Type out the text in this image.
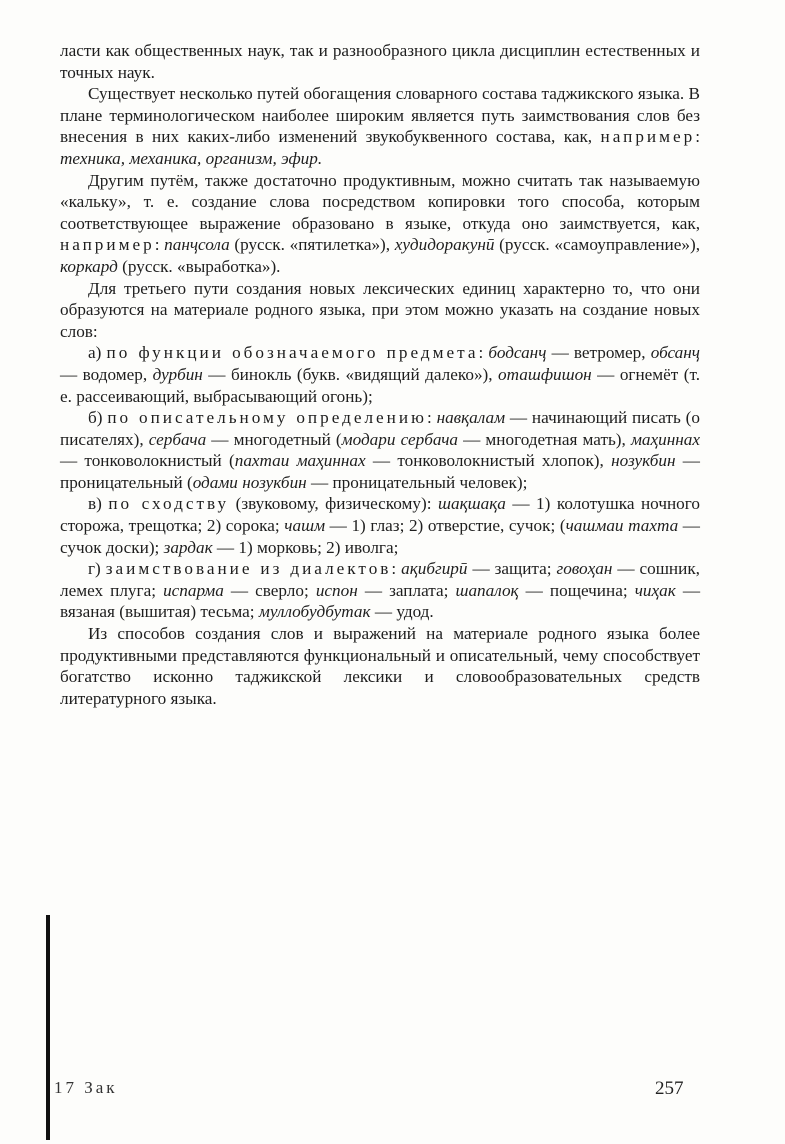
ласти как общественных наук, так и разнообразного цикла дисциплин естественных и точных наук.

Существует несколько путей обогащения словарного состава таджикского языка. В плане терминологическом наиболее широким является путь заимствования слов без внесения в них каких-либо изменений звукобуквенного состава, как, например: техника, механика, организм, эфир.

Другим путём, также достаточно продуктивным, можно считать так называемую «кальку», т. е. создание слова посредством копировки того способа, которым соответствующее выражение образовано в языке, откуда оно заимствуется, как, например: панҷсола (русск. «пятилетка»), худидоракунӣ (русск. «самоуправление»), коркард (русск. «выработка»).

Для третьего пути создания новых лексических единиц характерно то, что они образуются на материале родного языка, при этом можно указать на создание новых слов:

а) по функции обозначаемого предмета: бодсанҷ — ветромер, обсанҷ — водомер, дурбин — бинокль (букв. «видящий далеко»), оташфишон — огнемёт (т. е. рассеивающий, выбрасывающий огонь);

б) по описательному определению: навқалам — начинающий писать (о писателях), сербача — многодетный (модари сербача — многодетная мать), маҳиннах — тонковолокнистый (пахтаи маҳиннах — тонковолокнистый хлопок), нозукбин — проницательный (одами нозукбин — проницательный человек);

в) по сходству (звуковому, физическому): шақшақа — 1) колотушка ночного сторожа, трещотка; 2) сорока; чашм — 1) глаз; 2) отверстие, сучок; (чашмаи тахта — сучок доски); зардак — 1) морковь; 2) иволга;

г) заимствование из диалектов: ақибгирӣ — защита; говоҳан — сошник, лемех плуга; испарма — сверло; испон — заплата; шапалоқ — пощечина; чиҳак — вязаная (вышитая) тесьма; муллобудбутак — удод.

Из способов создания слов и выражений на материале родного языка более продуктивными представляются функциональный и описательный, чему способствует богатство исконно таджикской лексики и словообразовательных средств литературного языка.

17 Зак	257
